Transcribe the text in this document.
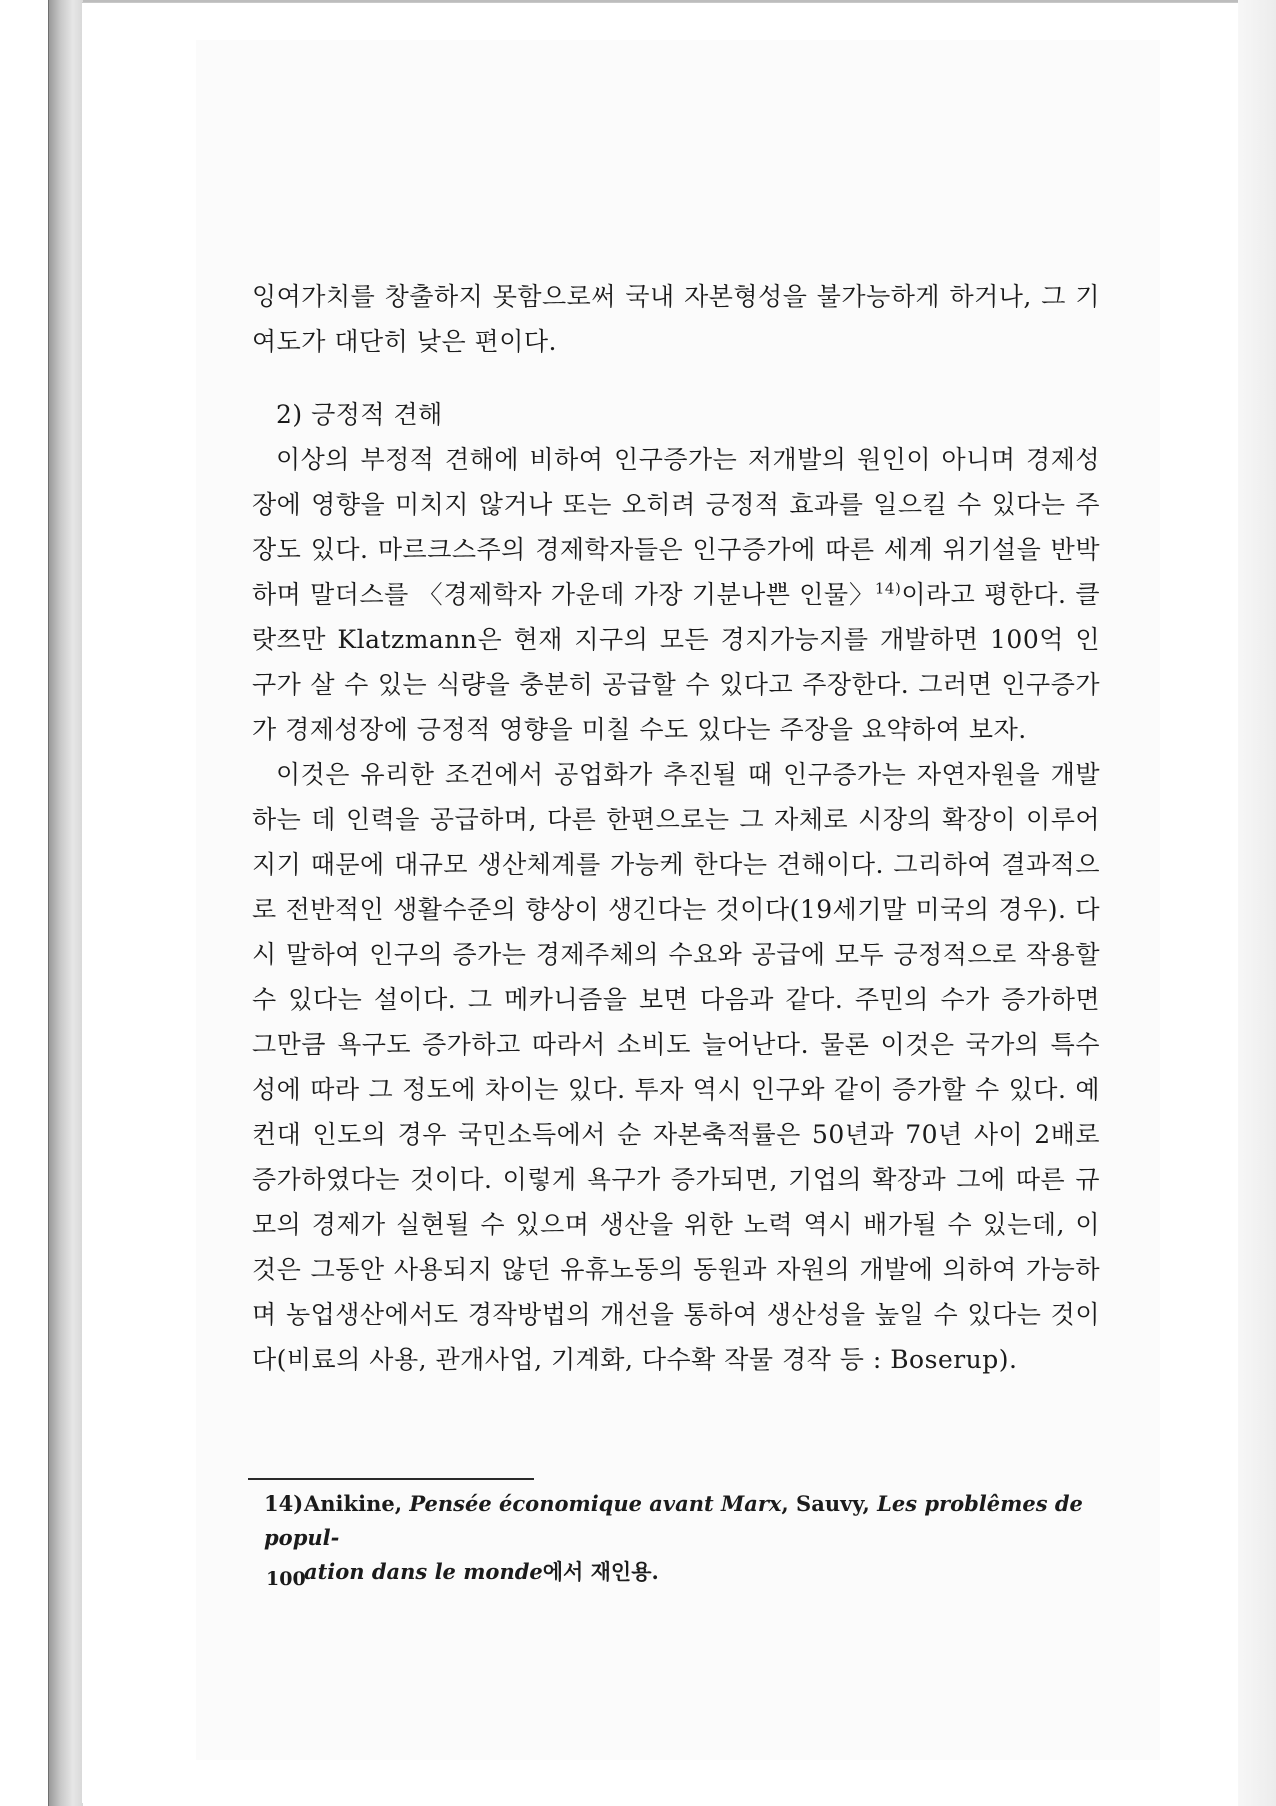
잉여가치를 창출하지 못함으로써 국내 자본형성을 불가능하게 하거나, 그 기여도가 대단히 낮은 편이다.

2) 긍정적 견해

이상의 부정적 견해에 비하여 인구증가는 저개발의 원인이 아니며 경제성장에 영향을 미치지 않거나 또는 오히려 긍정적 효과를 일으킬 수 있다는 주장도 있다. 마르크스주의 경제학자들은 인구증가에 따른 세계 위기설을 반박하며 말더스를 〈경제학자 가운데 가장 기분나쁜 인물〉$^{14)}$이라고 평한다. 클랏쯔만 Klatzmann은 현재 지구의 모든 경지가능지를 개발하면 100억 인구가 살 수 있는 식량을 충분히 공급할 수 있다고 주장한다. 그러면 인구증가가 경제성장에 긍정적 영향을 미칠 수도 있다는 주장을 요약하여 보자.

이것은 유리한 조건에서 공업화가 추진될 때 인구증가는 자연자원을 개발하는 데 인력을 공급하며, 다른 한편으로는 그 자체로 시장의 확장이 이루어지기 때문에 대규모 생산체계를 가능케 한다는 견해이다. 그리하여 결과적으로 전반적인 생활수준의 향상이 생긴다는 것이다(19세기말 미국의 경우). 다시 말하여 인구의 증가는 경제주체의 수요와 공급에 모두 긍정적으로 작용할 수 있다는 설이다. 그 메카니즘을 보면 다음과 같다. 주민의 수가 증가하면 그만큼 욕구도 증가하고 따라서 소비도 늘어난다. 물론 이것은 국가의 특수성에 따라 그 정도에 차이는 있다. 투자 역시 인구와 같이 증가할 수 있다. 예컨대 인도의 경우 국민소득에서 순 자본축적률은 50년과 70년 사이 2배로 증가하였다는 것이다. 이렇게 욕구가 증가되면, 기업의 확장과 그에 따른 규모의 경제가 실현될 수 있으며 생산을 위한 노력 역시 배가될 수 있는데, 이것은 그동안 사용되지 않던 유휴노동의 동원과 자원의 개발에 의하여 가능하며 농업생산에서도 경작방법의 개선을 통하여 생산성을 높일 수 있다는 것이다(비료의 사용, 관개사업, 기계화, 다수확 작물 경작 등 : Boserup).

14)Anikine, Pensée économique avant Marx, Sauvy, Les problêmes de popul-
ation dans le monde에서 재인용.
100
